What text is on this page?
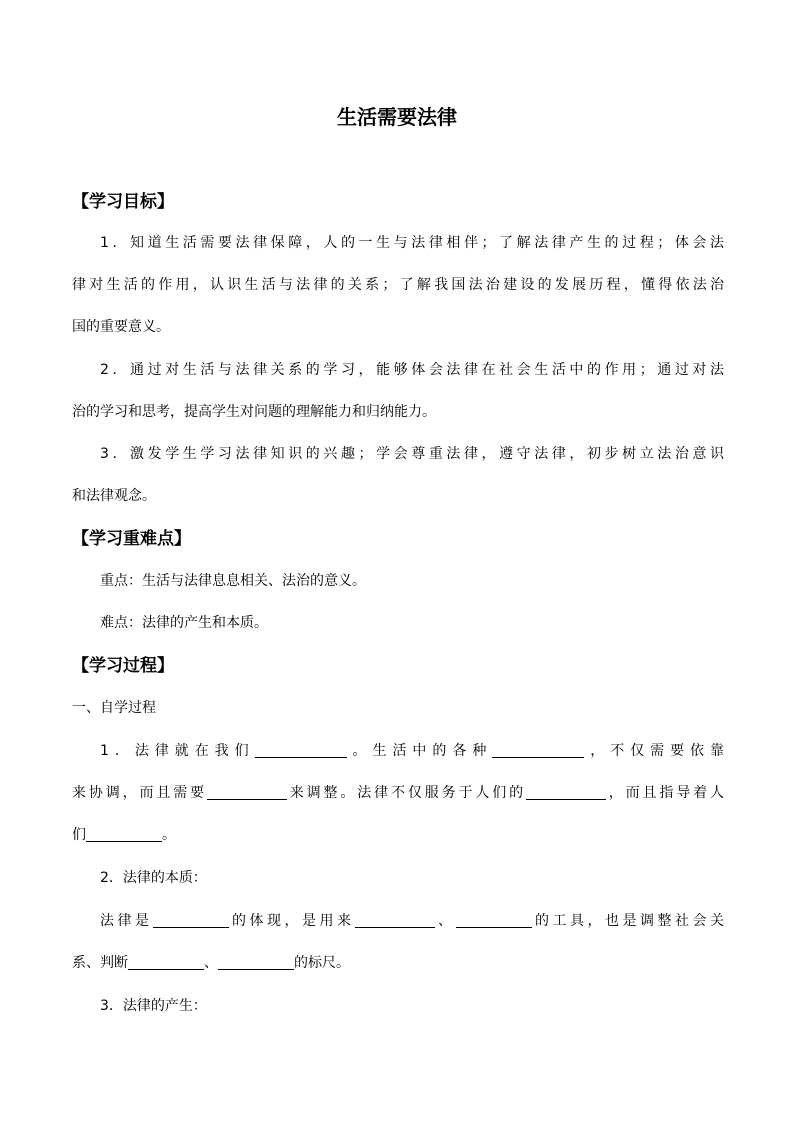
生活需要法律
【学习目标】
1．知道生活需要法律保障，人的一生与法律相伴；了解法律产生的过程；体会法
律对生活的作用，认识生活与法律的关系；了解我国法治建设的发展历程，懂得依法治
国的重要意义。
2．通过对生活与法律关系的学习，能够体会法律在社会生活中的作用；通过对法
治的学习和思考，提高学生对问题的理解能力和归纳能力。
3．激发学生学习法律知识的兴趣；学会尊重法律，遵守法律，初步树立法治意识
和法律观念。
【学习重难点】
重点：生活与法律息息相关、法治的意义。
难点：法律的产生和本质。
【学习过程】
一、自学过程
1．法律就在我们	。生活中的各种	，不仅需要依靠
来协调，而且需要	来调整。法律不仅服务于人们的	，而且指导着人
们	。
2．法律的本质：
法律是	的体现，是用来	、	的工具，也是调整社会关
系、判断	、	的标尺。
3．法律的产生：
